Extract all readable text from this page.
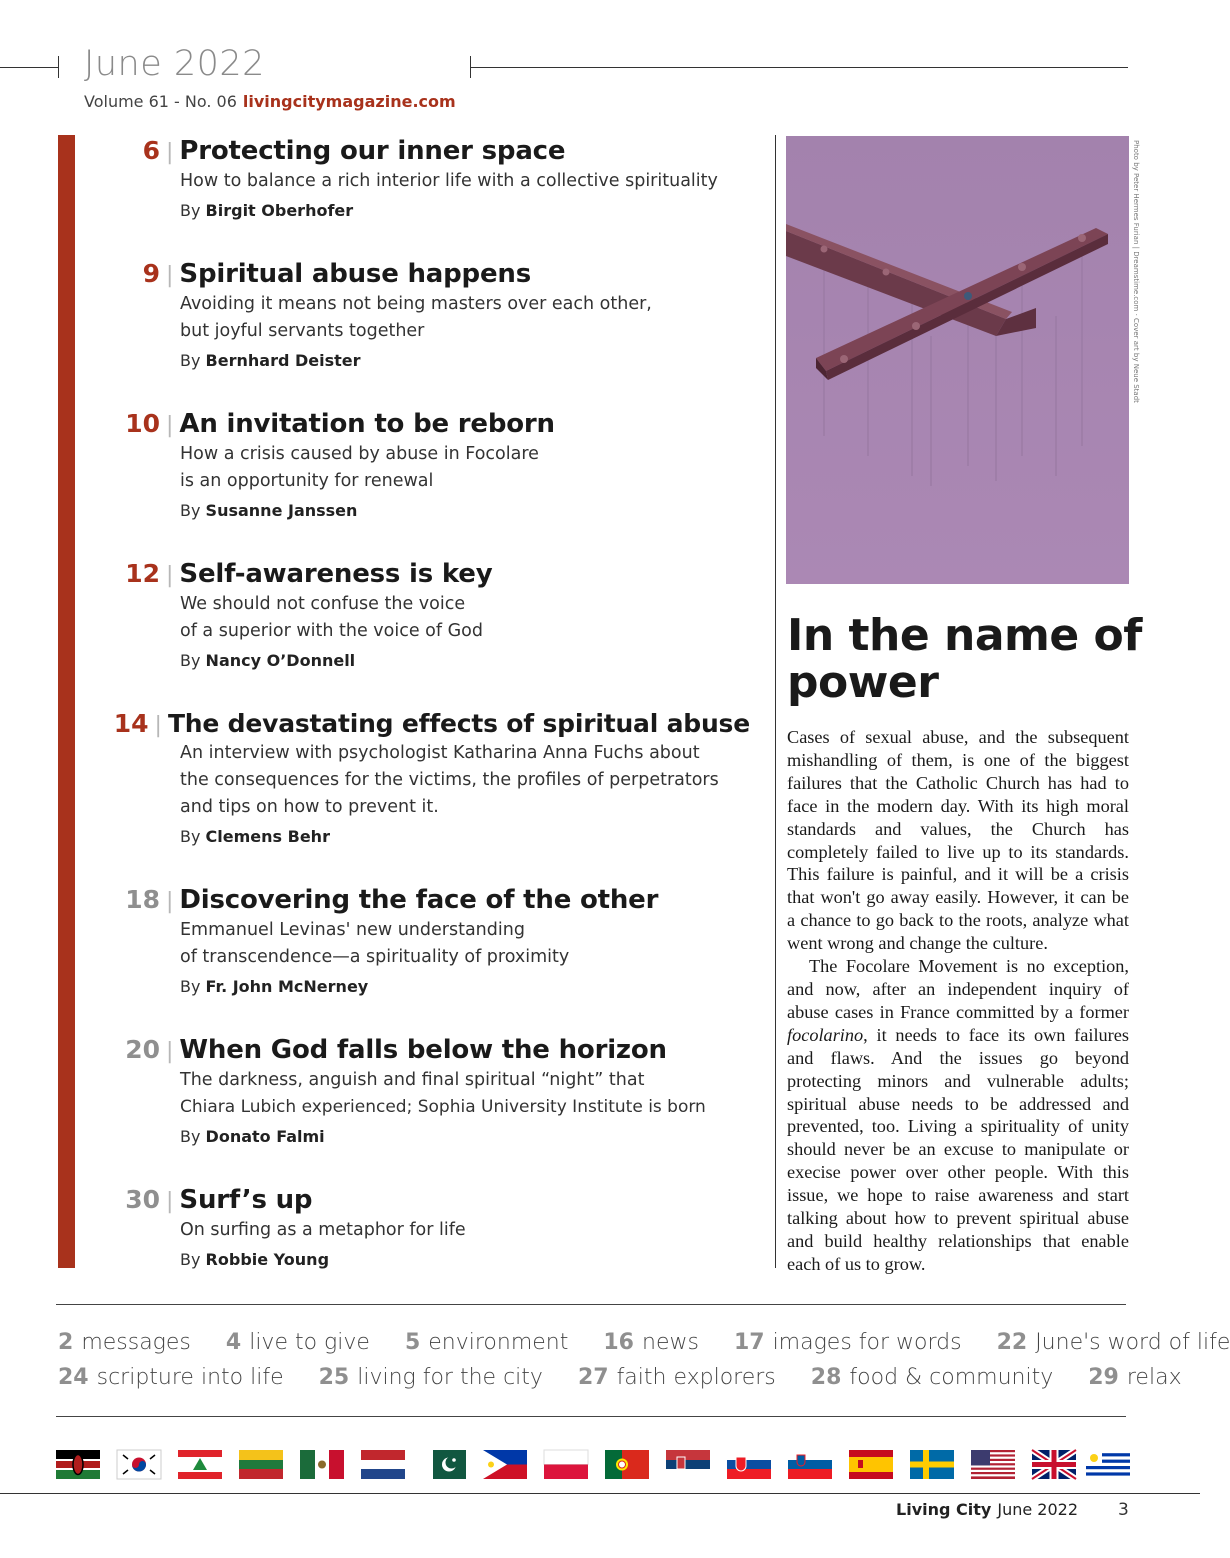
June 2022
Volume 61 - No. 06 livingcitymagazine.com
6 | Protecting our inner space
How to balance a rich interior life with a collective spirituality
By Birgit Oberhofer
9 | Spiritual abuse happens
Avoiding it means not being masters over each other,
but joyful servants together
By Bernhard Deister
10 | An invitation to be reborn
How a crisis caused by abuse in Focolare
is an opportunity for renewal
By Susanne Janssen
12 | Self-awareness is key
We should not confuse the voice
of a superior with the voice of God
By Nancy O’Donnell
14 | The devastating effects of spiritual abuse
An interview with psychologist Katharina Anna Fuchs about
the consequences for the victims, the profiles of perpetrators
and tips on how to prevent it.
By Clemens Behr
18 | Discovering the face of the other
Emmanuel Levinas' new understanding
of transcendence—a spirituality of proximity
By Fr. John McNerney
20 | When God falls below the horizon
The darkness, anguish and final spiritual “night” that
Chiara Lubich experienced; Sophia University Institute is born
By Donato Falmi
30 | Surf’s up
On surfing as a metaphor for life
By Robbie Young
Photo by Peter Hermes Furian | Dreamstime.com · Cover art by Neue Stadt
In the name of power

Cases of sexual abuse, and the subsequent mishandling of them, is one of the biggest failures that the Catholic Church has had to face in the modern day. With its high moral standards and values, the Church has completely failed to live up to its standards. This failure is painful, and it will be a crisis that won't go away easily. However, it can be a chance to go back to the roots, analyze what went wrong and change the culture.

The Focolare Movement is no exception, and now, after an independent inquiry of abuse cases in France committed by a former focolarino, it needs to face its own failures and flaws. And the issues go beyond protecting minors and vulnerable adults; spiritual abuse needs to be addressed and prevented, too. Living a spirituality of unity should never be an excuse to manipulate or execise power over other people. With this issue, we hope to raise awareness and start talking about how to prevent spiritual abuse and build healthy relationships that enable each of us to grow.

2 messages 4 live to give 5 environment 16 news 17 images for words 22 June's word of life
24 scripture into life 25 living for the city 27 faith explorers 28 food & community 29 relax
Living City June 2022 3
